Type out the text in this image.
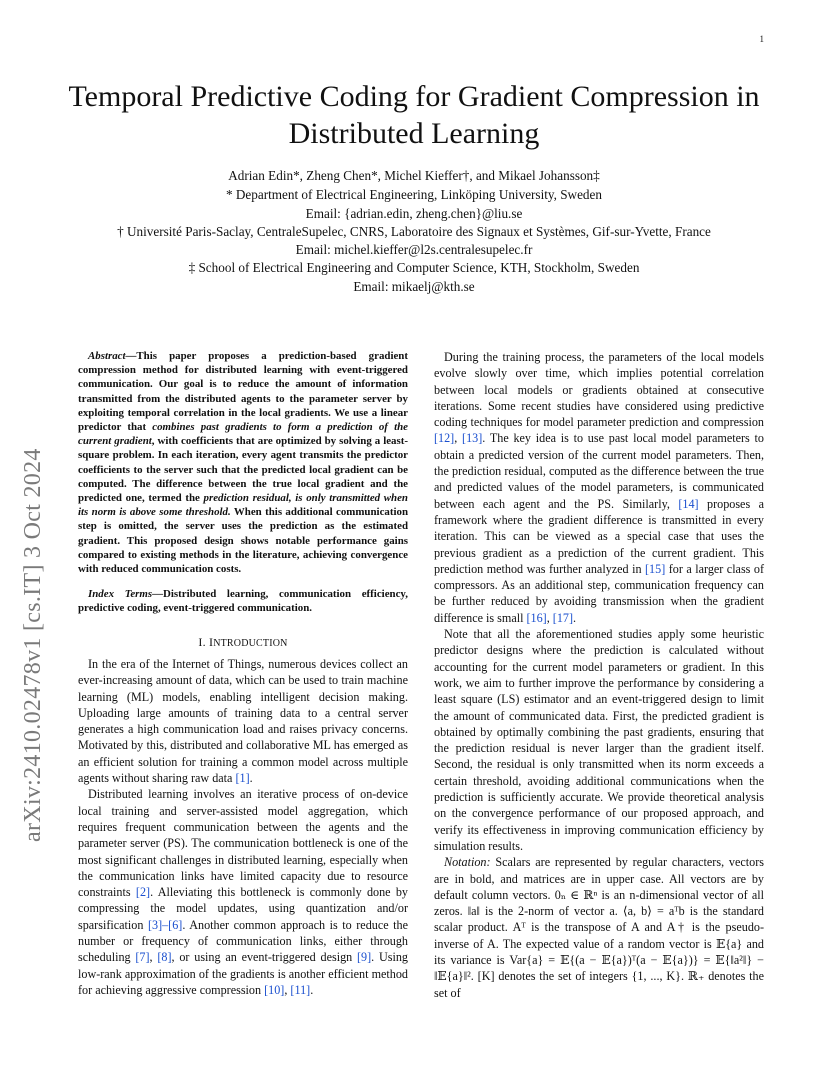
1
arXiv:2410.02478v1 [cs.IT] 3 Oct 2024
Temporal Predictive Coding for Gradient Compression in Distributed Learning
Adrian Edin*, Zheng Chen*, Michel Kieffer†, and Mikael Johansson‡
* Department of Electrical Engineering, Linköping University, Sweden
Email: {adrian.edin, zheng.chen}@liu.se
† Université Paris-Saclay, CentraleSupelec, CNRS, Laboratoire des Signaux et Systèmes, Gif-sur-Yvette, France
Email: michel.kieffer@l2s.centralesupelec.fr
‡ School of Electrical Engineering and Computer Science, KTH, Stockholm, Sweden
Email: mikaelj@kth.se

Abstract—This paper proposes a prediction-based gradient compression method for distributed learning with event-triggered communication. Our goal is to reduce the amount of information transmitted from the distributed agents to the parameter server by exploiting temporal correlation in the local gradients. We use a linear predictor that combines past gradients to form a prediction of the current gradient, with coefficients that are optimized by solving a least-square problem. In each iteration, every agent transmits the predictor coefficients to the server such that the predicted local gradient can be computed. The difference between the true local gradient and the predicted one, termed the prediction residual, is only transmitted when its norm is above some threshold. When this additional communication step is omitted, the server uses the prediction as the estimated gradient. This proposed design shows notable performance gains compared to existing methods in the literature, achieving convergence with reduced communication costs.

Index Terms—Distributed learning, communication efficiency, predictive coding, event-triggered communication.

I. INTRODUCTION

In the era of the Internet of Things, numerous devices collect an ever-increasing amount of data, which can be used to train machine learning (ML) models, enabling intelligent decision making. Uploading large amounts of training data to a central server generates a high communication load and raises privacy concerns. Motivated by this, distributed and collaborative ML has emerged as an efficient solution for training a common model across multiple agents without sharing raw data [1].

Distributed learning involves an iterative process of on-device local training and server-assisted model aggregation, which requires frequent communication between the agents and the parameter server (PS). The communication bottleneck is one of the most significant challenges in distributed learning, especially when the communication links have limited capacity due to resource constraints [2]. Alleviating this bottleneck is commonly done by compressing the model updates, using quantization and/or sparsification [3]–[6]. Another common approach is to reduce the number or frequency of communication links, either through scheduling [7], [8], or using an event-triggered design [9]. Using low-rank approximation of the gradients is another efficient method for achieving aggressive compression [10], [11].

During the training process, the parameters of the local models evolve slowly over time, which implies potential correlation between local models or gradients obtained at consecutive iterations. Some recent studies have considered using predictive coding techniques for model parameter prediction and compression [12], [13]. The key idea is to use past local model parameters to obtain a predicted version of the current model parameters. Then, the prediction residual, computed as the difference between the true and predicted values of the model parameters, is communicated between each agent and the PS. Similarly, [14] proposes a framework where the gradient difference is transmitted in every iteration. This can be viewed as a special case that uses the previous gradient as a prediction of the current gradient. This prediction method was further analyzed in [15] for a larger class of compressors. As an additional step, communication frequency can be further reduced by avoiding transmission when the gradient difference is small [16], [17].

Note that all the aforementioned studies apply some heuristic predictor designs where the prediction is calculated without accounting for the current model parameters or gradient. In this work, we aim to further improve the performance by considering a least square (LS) estimator and an event-triggered design to limit the amount of communicated data. First, the predicted gradient is obtained by optimally combining the past gradients, ensuring that the prediction residual is never larger than the gradient itself. Second, the residual is only transmitted when its norm exceeds a certain threshold, avoiding additional communications when the prediction is sufficiently accurate. We provide theoretical analysis on the convergence performance of our proposed approach, and verify its effectiveness in improving communication efficiency by simulation results.

Notation: Scalars are represented by regular characters, vectors are in bold, and matrices are in upper case. All vectors are by default column vectors. 0ₙ ∈ ℝⁿ is an n-dimensional vector of all zeros. ‖a‖ is the 2-norm of vector a. ⟨a, b⟩ = aᵀb is the standard scalar product. Aᵀ is the transpose of A and A† is the pseudo-inverse of A. The expected value of a random vector is 𝔼{a} and its variance is Var{a} = 𝔼{(a − 𝔼{a})ᵀ(a − 𝔼{a})} = 𝔼{‖a²‖} − ‖𝔼{a}‖². [K] denotes the set of integers {1, ..., K}. ℝ₊ denotes the set of
